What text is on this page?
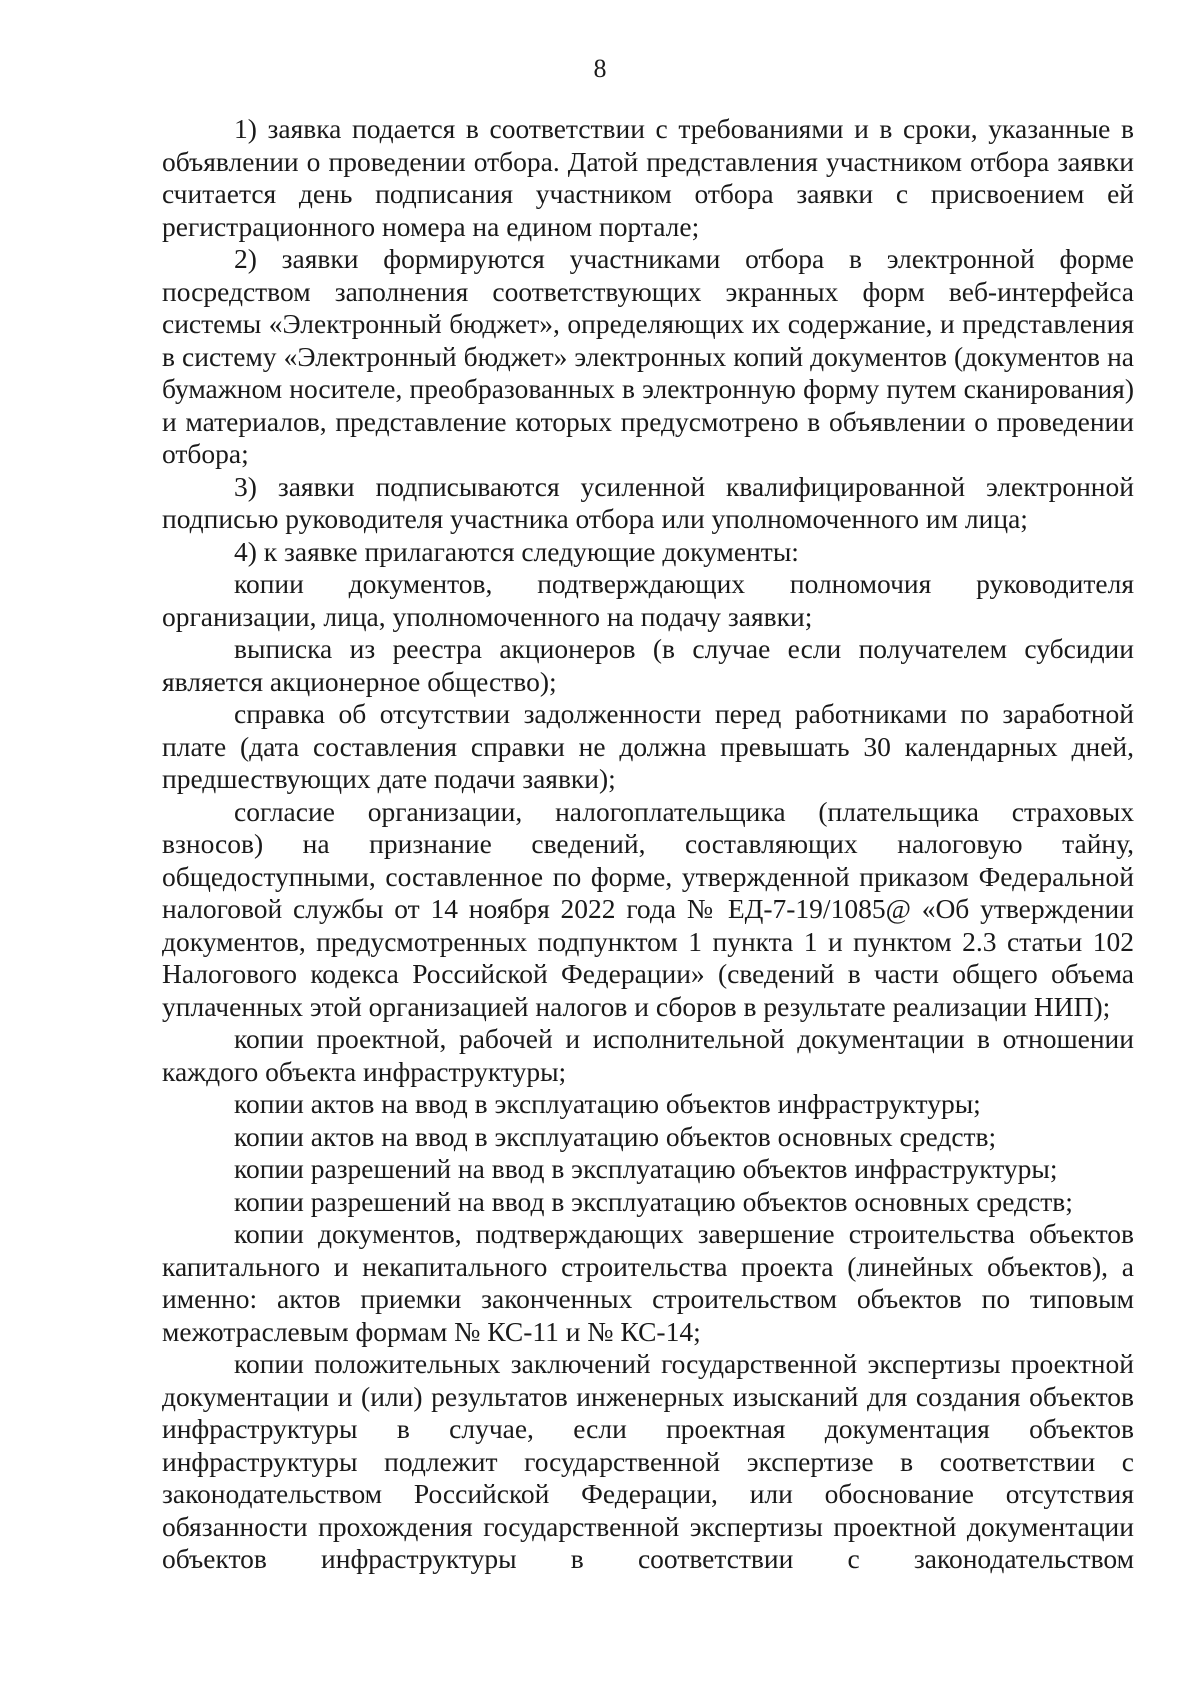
8

1) заявка подается в соответствии с требованиями и в сроки, указанные в объявлении о проведении отбора. Датой представления участником отбора заявки считается день подписания участником отбора заявки с присвоением ей регистрационного номера на едином портале;

2) заявки формируются участниками отбора в электронной форме посредством заполнения соответствующих экранных форм веб-интерфейса системы «Электронный бюджет», определяющих их содержание, и представления в систему «Электронный бюджет» электронных копий документов (документов на бумажном носителе, преобразованных в электронную форму путем сканирования) и материалов, представление которых предусмотрено в объявлении о проведении отбора;

3) заявки подписываются усиленной квалифицированной электронной подписью руководителя участника отбора или уполномоченного им лица;

4) к заявке прилагаются следующие документы:

копии документов, подтверждающих полномочия руководителя организации, лица, уполномоченного на подачу заявки;

выписка из реестра акционеров (в случае если получателем субсидии является акционерное общество);

справка об отсутствии задолженности перед работниками по заработной плате (дата составления справки не должна превышать 30 календарных дней, предшествующих дате подачи заявки);

согласие организации, налогоплательщика (плательщика страховых взносов) на признание сведений, составляющих налоговую тайну, общедоступными, составленное по форме, утвержденной приказом Федеральной налоговой службы от 14 ноября 2022 года № ЕД-7-19/1085@ «Об утверждении документов, предусмотренных подпунктом 1 пункта 1 и пунктом 2.3 статьи 102 Налогового кодекса Российской Федерации» (сведений в части общего объема уплаченных этой организацией налогов и сборов в результате реализации НИП);

копии проектной, рабочей и исполнительной документации в отношении каждого объекта инфраструктуры;

копии актов на ввод в эксплуатацию объектов инфраструктуры;

копии актов на ввод в эксплуатацию объектов основных средств;

копии разрешений на ввод в эксплуатацию объектов инфраструктуры;

копии разрешений на ввод в эксплуатацию объектов основных средств;

копии документов, подтверждающих завершение строительства объектов капитального и некапитального строительства проекта (линейных объектов), а именно: актов приемки законченных строительством объектов по типовым межотраслевым формам № КС-11 и № КС-14;

копии положительных заключений государственной экспертизы проектной документации и (или) результатов инженерных изысканий для создания объектов инфраструктуры в случае, если проектная документация объектов инфраструктуры подлежит государственной экспертизе в соответствии с законодательством Российской Федерации, или обоснование отсутствия обязанности прохождения государственной экспертизы проектной документации объектов инфраструктуры в соответствии с законодательством
